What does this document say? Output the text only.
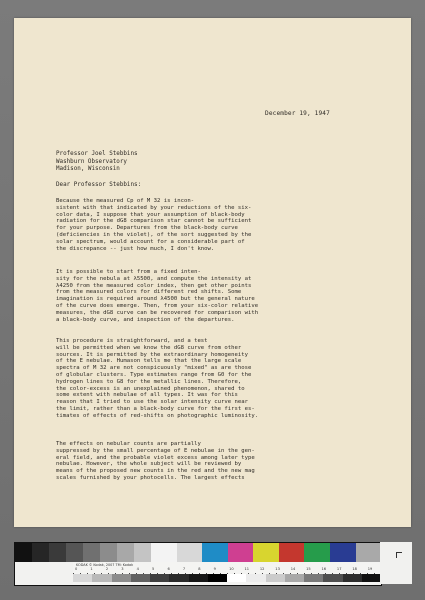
December 19, 1947
Professor Joel Stebbins
Washburn Observatory
Madison, Wisconsin
Dear Professor Stebbins:
Because the measured Cp of M 32 is incon-
sistent with that indicated by your reductions of the six-
color data, I suppose that your assumption of black-body
radiation for the dG8 comparison star cannot be sufficient
for your purpose. Departures from the black-body curve
(deficiencies in the violet), of the sort suggested by the
solar spectrum, would account for a considerable part of
the discrepance -- just how much, I don't know.
It is possible to start from a fixed inten-
sity for the nebula at λ5500, and compute the intensity at
λ4250 from the measured color index, then get other points
from the measured colors for different red shifts. Some
imagination is required around λ4500 but the general nature
of the curve does emerge. Then, from your six-color relative
measures, the dG8 curve can be recovered for comparison with
a black-body curve, and inspection of the departures.
This procedure is straightforward, and a test
will be permitted when we know the dG8 curve from other
sources. It is permitted by the extraordinary homogeneity
of the E nebulae. Humason tells me that the large scale
spectra of M 32 are not conspicuously "mixed" as are those
of globular clusters. Type estimates range from G0 for the
hydrogen lines to G8 for the metallic lines. Therefore,
the color-excess is an unexplained phenomenon, shared to
some extent with nebulae of all types. It was for this
reason that I tried to use the solar intensity curve near
the limit, rather than a black-body curve for the first es-
timates of effects of red-shifts on photographic luminosity.
The effects on nebular counts are partially
suppressed by the small percentage of E nebulae in the gen-
eral field, and the probable violet excess among later type
nebulae. However, the whole subject will be reviewed by
means of the proposed new counts in the red and the new mag
scales furnished by your photocells. The largest effects
KODAK © Kodak, 2007 TM: Kodak
0	1	2	3	4	5	6	7	8	9	10	11	12	13	14	15	16	17	18	19
